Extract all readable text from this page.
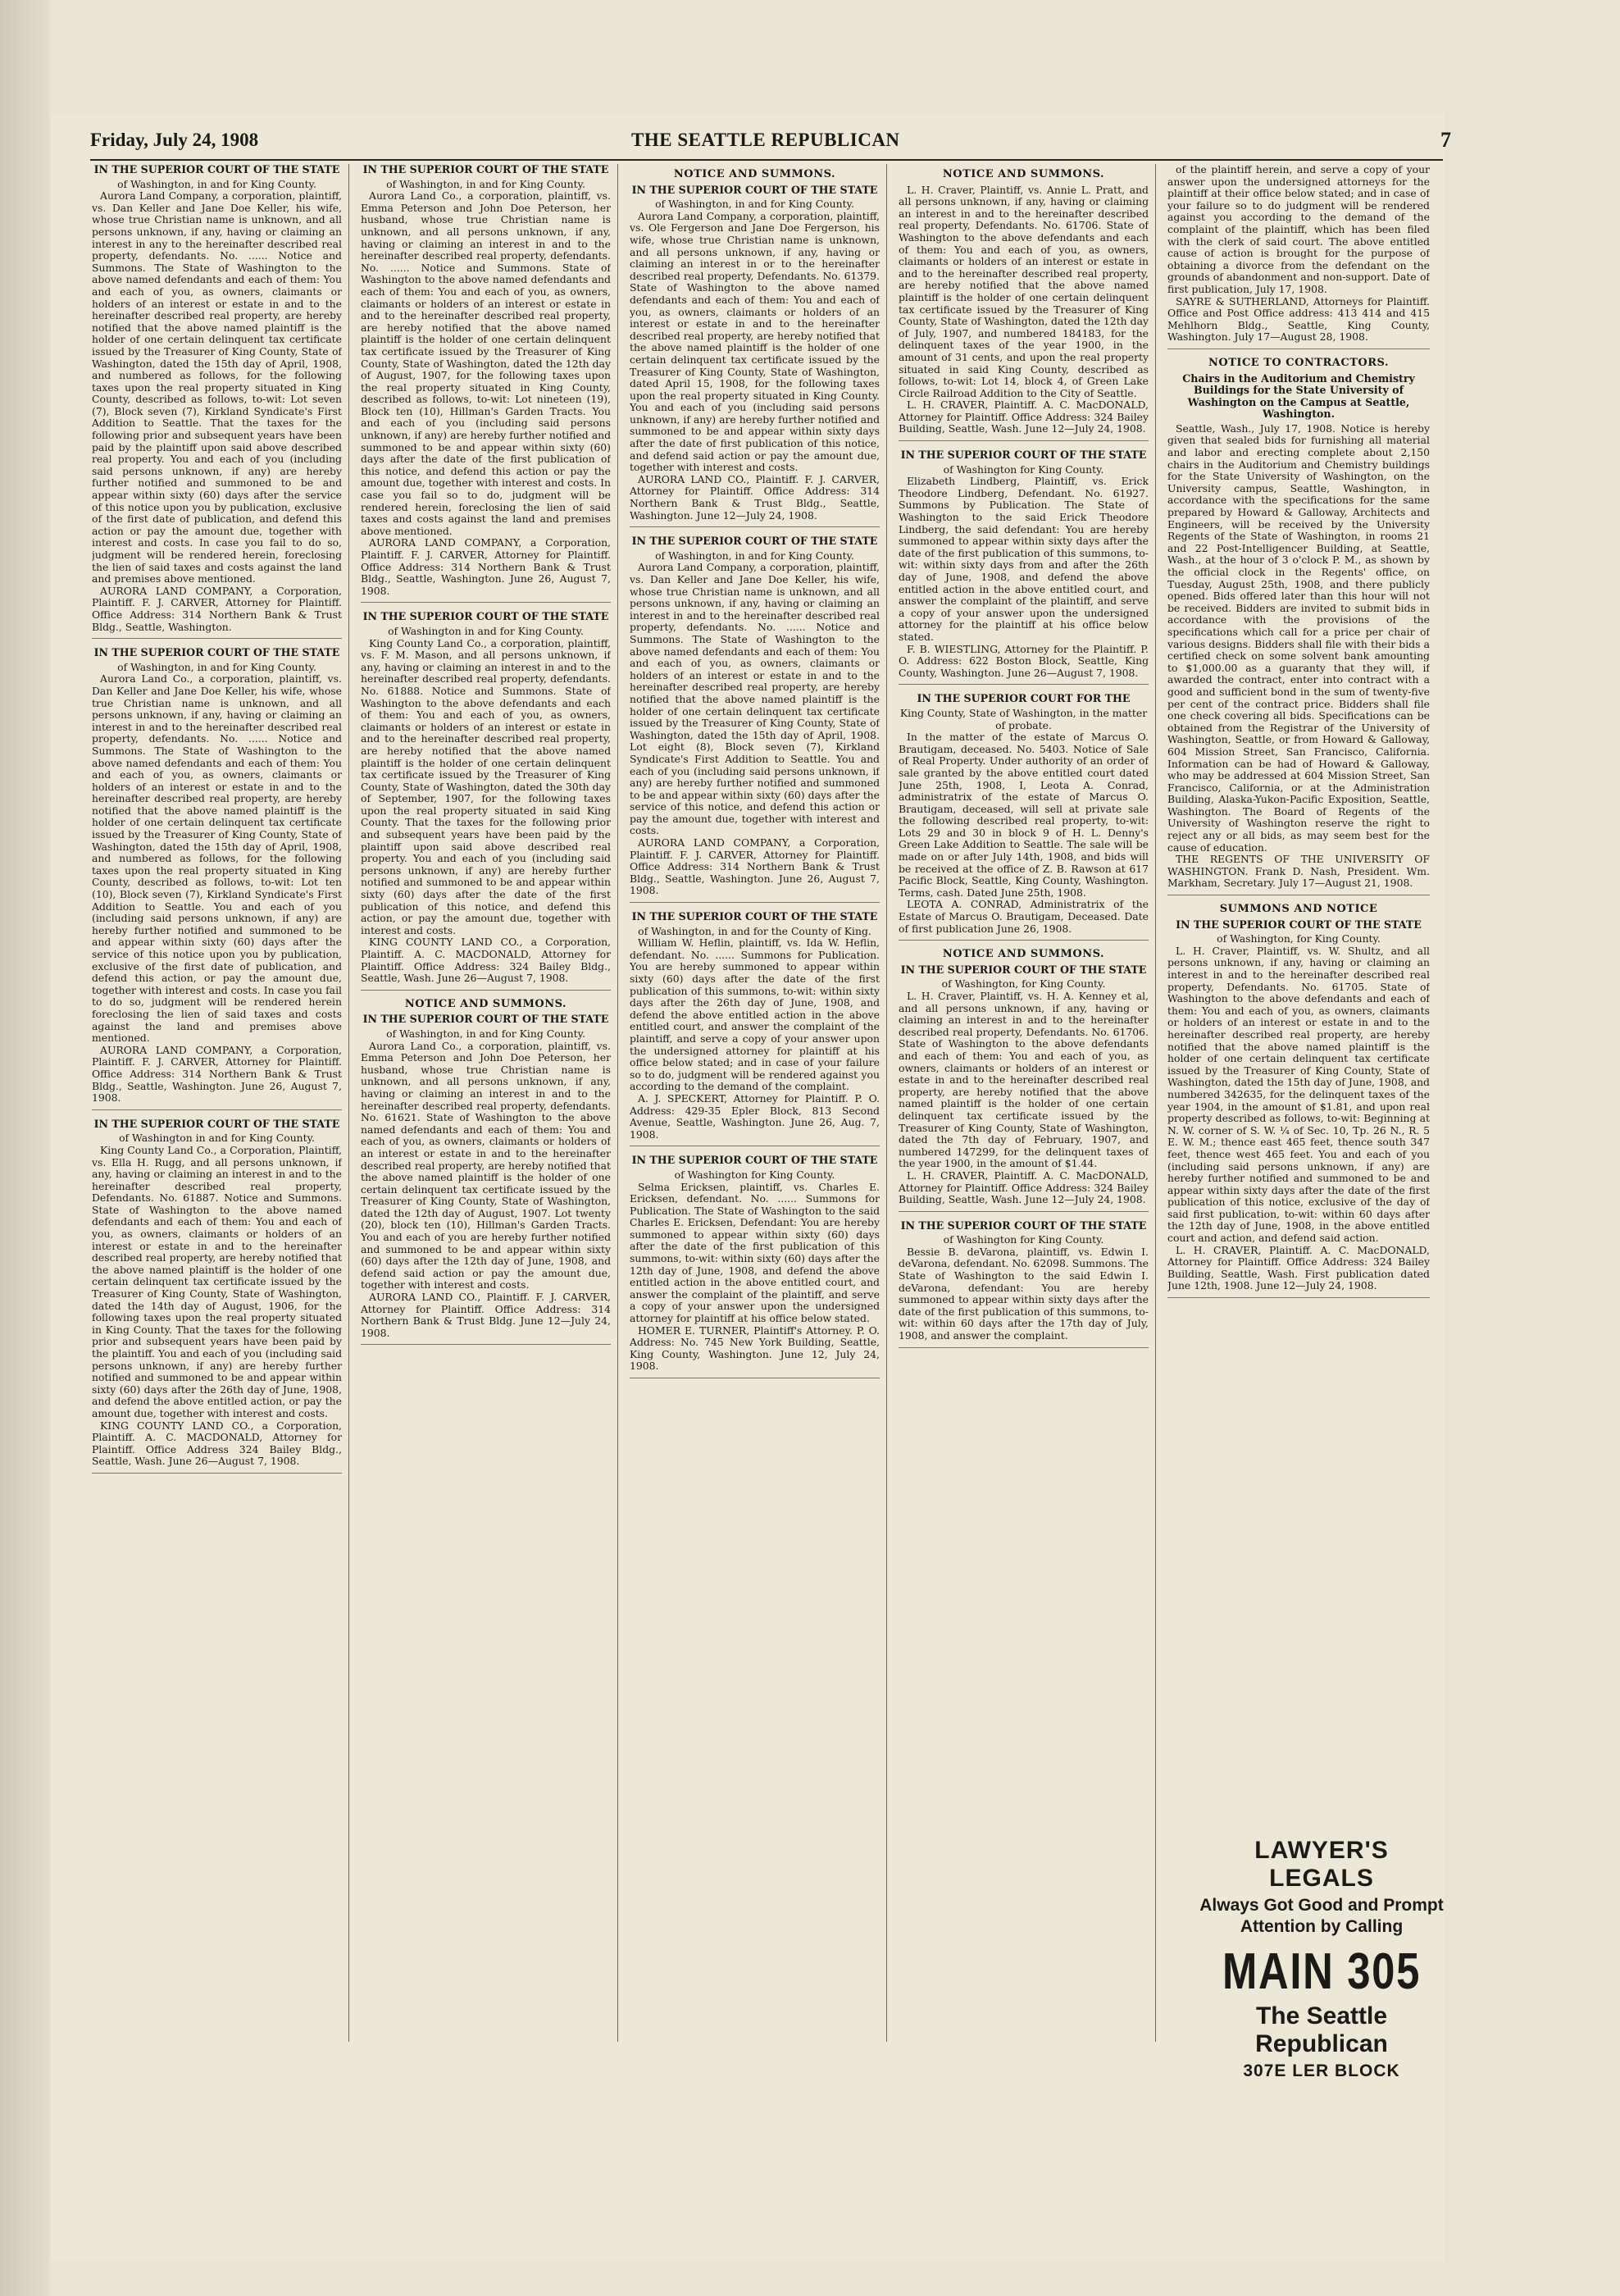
Friday, July 24, 1908	THE SEATTLE REPUBLICAN	7
IN THE SUPERIOR COURT OF THE STATE
of Washington, in and for King County.

Aurora Land Company, a corporation, plaintiff, vs. Dan Keller and Jane Doe Keller, his wife, whose true Christian name is unknown, and all persons unknown, if any, having or claiming an interest in any to the hereinafter described real property, defendants. No. ...... Notice and Summons. The State of Washington to the above named defendants and each of them: You and each of you, as owners, claimants or holders of an interest or estate in and to the hereinafter described real property, are hereby notified that the above named plaintiff is the holder of one certain delinquent tax certificate issued by the Treasurer of King County, State of Washington, dated the 15th day of April, 1908, and numbered as follows, for the following taxes upon the real property situated in King County, described as follows, to-wit: Lot seven (7), Block seven (7), Kirkland Syndicate's First Addition to Seattle. That the taxes for the following prior and subsequent years have been paid by the plaintiff upon said above described real property. You and each of you (including said persons unknown, if any) are hereby further notified and summoned to be and appear within sixty (60) days after the service of this notice upon you by publication, exclusive of the first date of publication, and defend this action or pay the amount due, together with interest and costs. In case you fail to do so, judgment will be rendered herein, foreclosing the lien of said taxes and costs against the land and premises above mentioned.

AURORA LAND COMPANY, a Corporation, Plaintiff. F. J. CARVER, Attorney for Plaintiff. Office Address: 314 Northern Bank & Trust Bldg., Seattle, Washington.

IN THE SUPERIOR COURT OF THE STATE
of Washington, in and for King County.

Aurora Land Co., a corporation, plaintiff, vs. Dan Keller and Jane Doe Keller, his wife, whose true Christian name is unknown, and all persons unknown, if any, having or claiming an interest in and to the hereinafter described real property, defendants. No. ...... Notice and Summons. The State of Washington to the above named defendants and each of them: You and each of you, as owners, claimants or holders of an interest or estate in and to the hereinafter described real property, are hereby notified that the above named plaintiff is the holder of one certain delinquent tax certificate issued by the Treasurer of King County, State of Washington, dated the 15th day of April, 1908, and numbered as follows, for the following taxes upon the real property situated in King County, described as follows, to-wit: Lot ten (10), Block seven (7), Kirkland Syndicate's First Addition to Seattle. You and each of you (including said persons unknown, if any) are hereby further notified and summoned to be and appear within sixty (60) days after the service of this notice upon you by publication, exclusive of the first date of publication, and defend this action, or pay the amount due, together with interest and costs. In case you fail to do so, judgment will be rendered herein foreclosing the lien of said taxes and costs against the land and premises above mentioned.

AURORA LAND COMPANY, a Corporation, Plaintiff. F. J. CARVER, Attorney for Plaintiff. Office Address: 314 Northern Bank & Trust Bldg., Seattle, Washington. June 26, August 7, 1908.

IN THE SUPERIOR COURT OF THE STATE
of Washington in and for King County.

King County Land Co., a Corporation, Plaintiff, vs. Ella H. Rugg, and all persons unknown, if any, having or claiming an interest in and to the hereinafter described real property, Defendants. No. 61887. Notice and Summons. State of Washington to the above named defendants and each of them: You and each of you, as owners, claimants or holders of an interest or estate in and to the hereinafter described real property, are hereby notified that the above named plaintiff is the holder of one certain delinquent tax certificate issued by the Treasurer of King County, State of Washington, dated the 14th day of August, 1906, for the following taxes upon the real property situated in King County. That the taxes for the following prior and subsequent years have been paid by the plaintiff. You and each of you (including said persons unknown, if any) are hereby further notified and summoned to be and appear within sixty (60) days after the 26th day of June, 1908, and defend the above entitled action, or pay the amount due, together with interest and costs.

KING COUNTY LAND CO., a Corporation, Plaintiff. A. C. MACDONALD, Attorney for Plaintiff. Office Address 324 Bailey Bldg., Seattle, Wash. June 26—August 7, 1908.

IN THE SUPERIOR COURT OF THE STATE
of Washington, in and for King County.

Aurora Land Co., a corporation, plaintiff, vs. Emma Peterson and John Doe Peterson, her husband, whose true Christian name is unknown, and all persons unknown, if any, having or claiming an interest in and to the hereinafter described real property, defendants. No. ...... Notice and Summons. State of Washington to the above named defendants and each of them: You and each of you, as owners, claimants or holders of an interest or estate in and to the hereinafter described real property, are hereby notified that the above named plaintiff is the holder of one certain delinquent tax certificate issued by the Treasurer of King County, State of Washington, dated the 12th day of August, 1907, for the following taxes upon the real property situated in King County, described as follows, to-wit: Lot nineteen (19), Block ten (10), Hillman's Garden Tracts. You and each of you (including said persons unknown, if any) are hereby further notified and summoned to be and appear within sixty (60) days after the date of the first publication of this notice, and defend this action or pay the amount due, together with interest and costs. In case you fail so to do, judgment will be rendered herein, foreclosing the lien of said taxes and costs against the land and premises above mentioned.

AURORA LAND COMPANY, a Corporation, Plaintiff. F. J. CARVER, Attorney for Plaintiff. Office Address: 314 Northern Bank & Trust Bldg., Seattle, Washington. June 26, August 7, 1908.

IN THE SUPERIOR COURT OF THE STATE
of Washington in and for King County.

King County Land Co., a corporation, plaintiff, vs. F. M. Mason, and all persons unknown, if any, having or claiming an interest in and to the hereinafter described real property, defendants. No. 61888. Notice and Summons. State of Washington to the above defendants and each of them: You and each of you, as owners, claimants or holders of an interest or estate in and to the hereinafter described real property, are hereby notified that the above named plaintiff is the holder of one certain delinquent tax certificate issued by the Treasurer of King County, State of Washington, dated the 30th day of September, 1907, for the following taxes upon the real property situated in said King County. That the taxes for the following prior and subsequent years have been paid by the plaintiff upon said above described real property. You and each of you (including said persons unknown, if any) are hereby further notified and summoned to be and appear within sixty (60) days after the date of the first publication of this notice, and defend this action, or pay the amount due, together with interest and costs.

KING COUNTY LAND CO., a Corporation, Plaintiff. A. C. MACDONALD, Attorney for Plaintiff. Office Address: 324 Bailey Bldg., Seattle, Wash. June 26—August 7, 1908.

NOTICE AND SUMMONS.
IN THE SUPERIOR COURT OF THE STATE
of Washington, in and for King County.

Aurora Land Co., a corporation, plaintiff, vs. Emma Peterson and John Doe Peterson, her husband, whose true Christian name is unknown, and all persons unknown, if any, having or claiming an interest in and to the hereinafter described real property, defendants. No. 61621. State of Washington to the above named defendants and each of them: You and each of you, as owners, claimants or holders of an interest or estate in and to the hereinafter described real property, are hereby notified that the above named plaintiff is the holder of one certain delinquent tax certificate issued by the Treasurer of King County, State of Washington, dated the 12th day of August, 1907. Lot twenty (20), block ten (10), Hillman's Garden Tracts. You and each of you are hereby further notified and summoned to be and appear within sixty (60) days after the 12th day of June, 1908, and defend said action or pay the amount due, together with interest and costs.

AURORA LAND CO., Plaintiff. F. J. CARVER, Attorney for Plaintiff. Office Address: 314 Northern Bank & Trust Bldg. June 12—July 24, 1908.

NOTICE AND SUMMONS.
IN THE SUPERIOR COURT OF THE STATE
of Washington, in and for King County.

Aurora Land Company, a corporation, plaintiff, vs. Ole Fergerson and Jane Doe Fergerson, his wife, whose true Christian name is unknown, and all persons unknown, if any, having or claiming an interest in or to the hereinafter described real property, Defendants. No. 61379. State of Washington to the above named defendants and each of them: You and each of you, as owners, claimants or holders of an interest or estate in and to the hereinafter described real property, are hereby notified that the above named plaintiff is the holder of one certain delinquent tax certificate issued by the Treasurer of King County, State of Washington, dated April 15, 1908, for the following taxes upon the real property situated in King County. You and each of you (including said persons unknown, if any) are hereby further notified and summoned to be and appear within sixty days after the date of first publication of this notice, and defend said action or pay the amount due, together with interest and costs.

AURORA LAND CO., Plaintiff. F. J. CARVER, Attorney for Plaintiff. Office Address: 314 Northern Bank & Trust Bldg., Seattle, Washington. June 12—July 24, 1908.

IN THE SUPERIOR COURT OF THE STATE
of Washington, in and for King County.

Aurora Land Company, a corporation, plaintiff, vs. Dan Keller and Jane Doe Keller, his wife, whose true Christian name is unknown, and all persons unknown, if any, having or claiming an interest in and to the hereinafter described real property, defendants. No. ...... Notice and Summons. The State of Washington to the above named defendants and each of them: You and each of you, as owners, claimants or holders of an interest or estate in and to the hereinafter described real property, are hereby notified that the above named plaintiff is the holder of one certain delinquent tax certificate issued by the Treasurer of King County, State of Washington, dated the 15th day of April, 1908. Lot eight (8), Block seven (7), Kirkland Syndicate's First Addition to Seattle. You and each of you (including said persons unknown, if any) are hereby further notified and summoned to be and appear within sixty (60) days after the service of this notice, and defend this action or pay the amount due, together with interest and costs.

AURORA LAND COMPANY, a Corporation, Plaintiff. F. J. CARVER, Attorney for Plaintiff. Office Address: 314 Northern Bank & Trust Bldg., Seattle, Washington. June 26, August 7, 1908.

IN THE SUPERIOR COURT OF THE STATE
of Washington, in and for the County of King.

William W. Heflin, plaintiff, vs. Ida W. Heflin, defendant. No. ...... Summons for Publication. You are hereby summoned to appear within sixty (60) days after the date of the first publication of this summons, to-wit: within sixty days after the 26th day of June, 1908, and defend the above entitled action in the above entitled court, and answer the complaint of the plaintiff, and serve a copy of your answer upon the undersigned attorney for plaintiff at his office below stated; and in case of your failure so to do, judgment will be rendered against you according to the demand of the complaint.

A. J. SPECKERT, Attorney for Plaintiff. P. O. Address: 429-35 Epler Block, 813 Second Avenue, Seattle, Washington. June 26, Aug. 7, 1908.

IN THE SUPERIOR COURT OF THE STATE
of Washington for King County.

Selma Ericksen, plaintiff, vs. Charles E. Ericksen, defendant. No. ...... Summons for Publication. The State of Washington to the said Charles E. Ericksen, Defendant: You are hereby summoned to appear within sixty (60) days after the date of the first publication of this summons, to-wit: within sixty (60) days after the 12th day of June, 1908, and defend the above entitled action in the above entitled court, and answer the complaint of the plaintiff, and serve a copy of your answer upon the undersigned attorney for plaintiff at his office below stated.

HOMER E. TURNER, Plaintiff's Attorney. P. O. Address: No. 745 New York Building, Seattle, King County, Washington. June 12, July 24, 1908.

NOTICE AND SUMMONS.

L. H. Craver, Plaintiff, vs. Annie L. Pratt, and all persons unknown, if any, having or claiming an interest in and to the hereinafter described real property, Defendants. No. 61706. State of Washington to the above defendants and each of them: You and each of you, as owners, claimants or holders of an interest or estate in and to the hereinafter described real property, are hereby notified that the above named plaintiff is the holder of one certain delinquent tax certificate issued by the Treasurer of King County, State of Washington, dated the 12th day of July, 1907, and numbered 184183, for the delinquent taxes of the year 1900, in the amount of 31 cents, and upon the real property situated in said King County, described as follows, to-wit: Lot 14, block 4, of Green Lake Circle Railroad Addition to the City of Seattle.

L. H. CRAVER, Plaintiff. A. C. MacDONALD, Attorney for Plaintiff. Office Address: 324 Bailey Building, Seattle, Wash. June 12—July 24, 1908.

IN THE SUPERIOR COURT OF THE STATE
of Washington for King County.

Elizabeth Lindberg, Plaintiff, vs. Erick Theodore Lindberg, Defendant. No. 61927. Summons by Publication. The State of Washington to the said Erick Theodore Lindberg, the said defendant: You are hereby summoned to appear within sixty days after the date of the first publication of this summons, to-wit: within sixty days from and after the 26th day of June, 1908, and defend the above entitled action in the above entitled court, and answer the complaint of the plaintiff, and serve a copy of your answer upon the undersigned attorney for the plaintiff at his office below stated.

F. B. WIESTLING, Attorney for the Plaintiff. P. O. Address: 622 Boston Block, Seattle, King County, Washington. June 26—August 7, 1908.

IN THE SUPERIOR COURT FOR THE
King County, State of Washington, in the matter of probate.

In the matter of the estate of Marcus O. Brautigam, deceased. No. 5403. Notice of Sale of Real Property. Under authority of an order of sale granted by the above entitled court dated June 25th, 1908, I, Leota A. Conrad, administratrix of the estate of Marcus O. Brautigam, deceased, will sell at private sale the following described real property, to-wit: Lots 29 and 30 in block 9 of H. L. Denny's Green Lake Addition to Seattle. The sale will be made on or after July 14th, 1908, and bids will be received at the office of Z. B. Rawson at 617 Pacific Block, Seattle, King County, Washington. Terms, cash. Dated June 25th, 1908.

LEOTA A. CONRAD, Administratrix of the Estate of Marcus O. Brautigam, Deceased. Date of first publication June 26, 1908.

NOTICE AND SUMMONS.
IN THE SUPERIOR COURT OF THE STATE
of Washington, for King County.

L. H. Craver, Plaintiff, vs. H. A. Kenney et al, and all persons unknown, if any, having or claiming an interest in and to the hereinafter described real property, Defendants. No. 61706. State of Washington to the above defendants and each of them: You and each of you, as owners, claimants or holders of an interest or estate in and to the hereinafter described real property, are hereby notified that the above named plaintiff is the holder of one certain delinquent tax certificate issued by the Treasurer of King County, State of Washington, dated the 7th day of February, 1907, and numbered 147299, for the delinquent taxes of the year 1900, in the amount of $1.44.

L. H. CRAVER, Plaintiff. A. C. MacDONALD, Attorney for Plaintiff. Office Address: 324 Bailey Building, Seattle, Wash. June 12—July 24, 1908.

IN THE SUPERIOR COURT OF THE STATE
of Washington for King County.

Bessie B. deVarona, plaintiff, vs. Edwin I. deVarona, defendant. No. 62098. Summons. The State of Washington to the said Edwin I. deVarona, defendant: You are hereby summoned to appear within sixty days after the date of the first publication of this summons, to-wit: within 60 days after the 17th day of July, 1908, and answer the complaint.

of the plaintiff herein, and serve a copy of your answer upon the undersigned attorneys for the plaintiff at their office below stated; and in case of your failure so to do judgment will be rendered against you according to the demand of the complaint of the plaintiff, which has been filed with the clerk of said court. The above entitled cause of action is brought for the purpose of obtaining a divorce from the defendant on the grounds of abandonment and non-support. Date of first publication, July 17, 1908.

SAYRE & SUTHERLAND, Attorneys for Plaintiff. Office and Post Office address: 413 414 and 415 Mehlhorn Bldg., Seattle, King County, Washington. July 17—August 28, 1908.

NOTICE TO CONTRACTORS.
Chairs in the Auditorium and Chemistry Buildings for the State University of Washington on the Campus at Seattle, Washington.

Seattle, Wash., July 17, 1908. Notice is hereby given that sealed bids for furnishing all material and labor and erecting complete about 2,150 chairs in the Auditorium and Chemistry buildings for the State University of Washington, on the University campus, Seattle, Washington, in accordance with the specifications for the same prepared by Howard & Galloway, Architects and Engineers, will be received by the University Regents of the State of Washington, in rooms 21 and 22 Post-Intelligencer Building, at Seattle, Wash., at the hour of 3 o'clock P. M., as shown by the official clock in the Regents' office, on Tuesday, August 25th, 1908, and there publicly opened. Bids offered later than this hour will not be received. Bidders are invited to submit bids in accordance with the provisions of the specifications which call for a price per chair of various designs. Bidders shall file with their bids a certified check on some solvent bank amounting to $1,000.00 as a guaranty that they will, if awarded the contract, enter into contract with a good and sufficient bond in the sum of twenty-five per cent of the contract price. Bidders shall file one check covering all bids. Specifications can be obtained from the Registrar of the University of Washington, Seattle, or from Howard & Galloway, 604 Mission Street, San Francisco, California. Information can be had of Howard & Galloway, who may be addressed at 604 Mission Street, San Francisco, California, or at the Administration Building, Alaska-Yukon-Pacific Exposition, Seattle, Washington. The Board of Regents of the University of Washington reserve the right to reject any or all bids, as may seem best for the cause of education.

THE REGENTS OF THE UNIVERSITY OF WASHINGTON. Frank D. Nash, President. Wm. Markham, Secretary. July 17—August 21, 1908.

SUMMONS AND NOTICE
IN THE SUPERIOR COURT OF THE STATE
of Washington, for King County.

L. H. Craver, Plaintiff, vs. W. Shultz, and all persons unknown, if any, having or claiming an interest in and to the hereinafter described real property, Defendants. No. 61705. State of Washington to the above defendants and each of them: You and each of you, as owners, claimants or holders of an interest or estate in and to the hereinafter described real property, are hereby notified that the above named plaintiff is the holder of one certain delinquent tax certificate issued by the Treasurer of King County, State of Washington, dated the 15th day of June, 1908, and numbered 342635, for the delinquent taxes of the year 1904, in the amount of $1.81, and upon real property described as follows, to-wit: Beginning at N. W. corner of S. W. ¼ of Sec. 10, Tp. 26 N., R. 5 E. W. M.; thence east 465 feet, thence south 347 feet, thence west 465 feet. You and each of you (including said persons unknown, if any) are hereby further notified and summoned to be and appear within sixty days after the date of the first publication of this notice, exclusive of the day of said first publication, to-wit: within 60 days after the 12th day of June, 1908, in the above entitled court and action, and defend said action.

L. H. CRAVER, Plaintiff. A. C. MacDONALD, Attorney for Plaintiff. Office Address: 324 Bailey Building, Seattle, Wash. First publication dated June 12th, 1908. June 12—July 24, 1908.

LAWYER'S LEGALS
Always Got Good and Prompt
Attention by Calling
MAIN 305
The Seattle Republican
307E LER BLOCK
